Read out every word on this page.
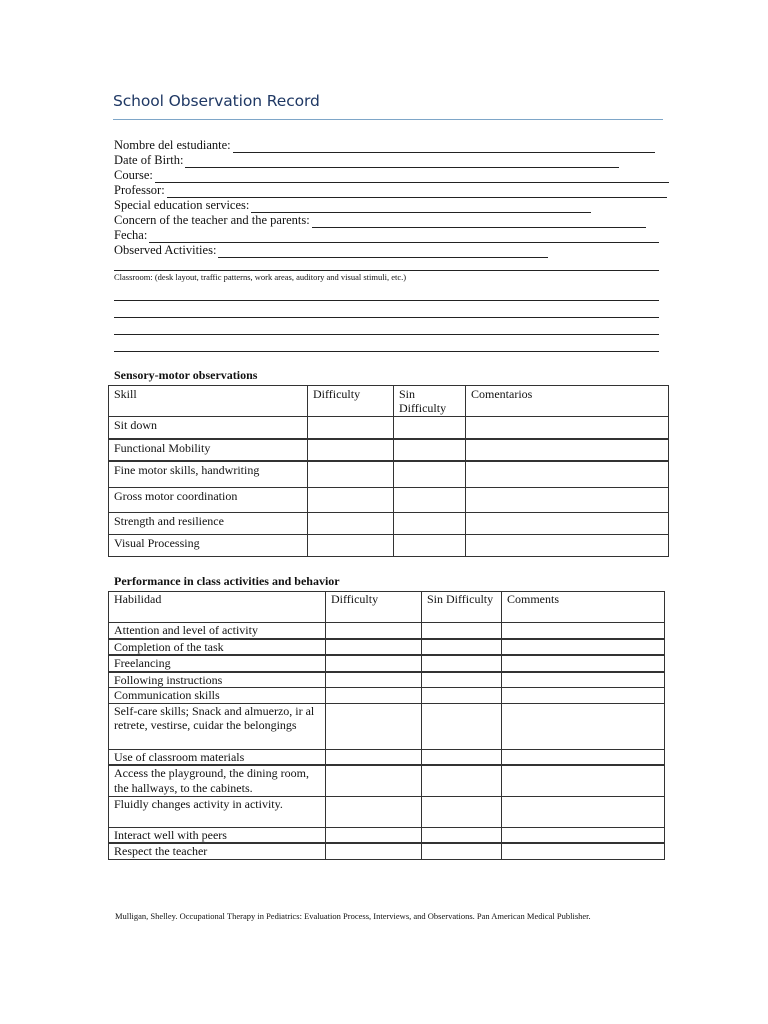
School Observation Record
Nombre del estudiante:
Date of Birth:
Course:
Professor:
Special education services:
Concern of the teacher and the parents:
Fecha:
Observed Activities:
Classroom: (desk layout, traffic patterns, work areas, auditory and visual stimuli, etc.)
Sensory-motor observations
Skill	Difficulty	Sin Difficulty	Comentarios
Sit down			
Functional Mobility			
Fine motor skills, handwriting			
Gross motor coordination			
Strength and resilience			
Visual Processing			
Performance in class activities and behavior
Habilidad	Difficulty	Sin Difficulty	Comments
Attention and level of activity			
Completion of the task			
Freelancing			
Following instructions			
Communication skills			
Self-care skills; Snack and almuerzo, ir al retrete, vestirse, cuidar the belongings			
Use of classroom materials			
Access the playground, the dining room, the hallways, to the cabinets.			
Fluidly changes activity in activity.			
Interact well with peers			
Respect the teacher			
Mulligan, Shelley. Occupational Therapy in Pediatrics: Evaluation Process, Interviews, and Observations. Pan American Medical Publisher.
